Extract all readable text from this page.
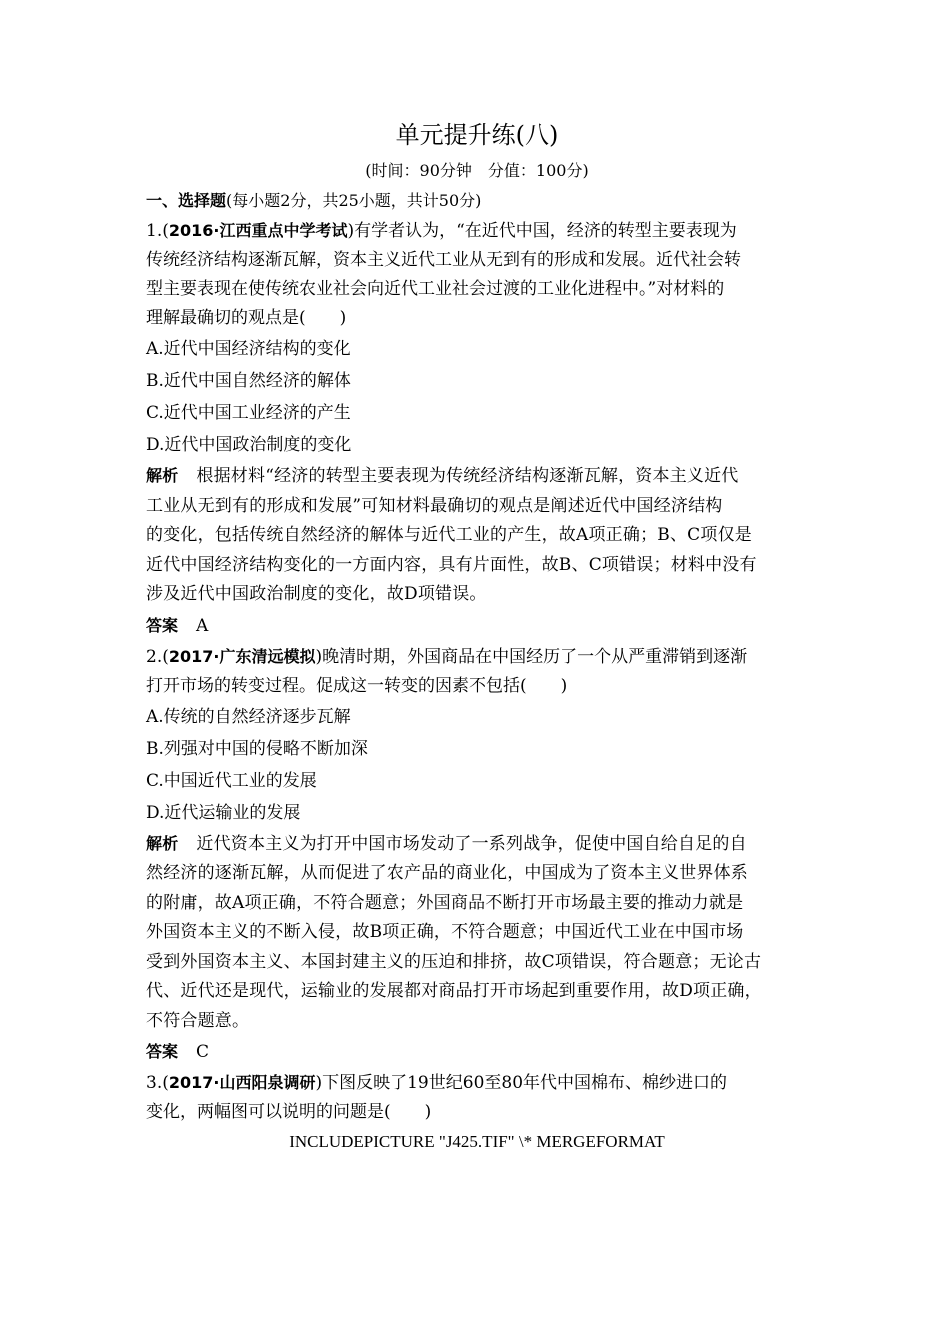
单元提升练(八)

(时间：90分钟　分值：100分)

一、选择题(每小题2分，共25小题，共计50分)

1.(2016·江西重点中学考试)有学者认为，“在近代中国，经济的转型主要表现为

传统经济结构逐渐瓦解，资本主义近代工业从无到有的形成和发展。近代社会转

型主要表现在使传统农业社会向近代工业社会过渡的工业化进程中。”对材料的

理解最确切的观点是(　　)

A.近代中国经济结构的变化

B.近代中国自然经济的解体

C.近代中国工业经济的产生

D.近代中国政治制度的变化

解析 根据材料“经济的转型主要表现为传统经济结构逐渐瓦解，资本主义近代

工业从无到有的形成和发展”可知材料最确切的观点是阐述近代中国经济结构

的变化，包括传统自然经济的解体与近代工业的产生，故A项正确；B、C项仅是

近代中国经济结构变化的一方面内容，具有片面性，故B、C项错误；材料中没有

涉及近代中国政治制度的变化，故D项错误。

答案 A

2.(2017·广东清远模拟)晚清时期，外国商品在中国经历了一个从严重滞销到逐渐

打开市场的转变过程。促成这一转变的因素不包括(　　)

A.传统的自然经济逐步瓦解

B.列强对中国的侵略不断加深

C.中国近代工业的发展

D.近代运输业的发展

解析 近代资本主义为打开中国市场发动了一系列战争，促使中国自给自足的自

然经济的逐渐瓦解，从而促进了农产品的商业化，中国成为了资本主义世界体系

的附庸，故A项正确，不符合题意；外国商品不断打开市场最主要的推动力就是

外国资本主义的不断入侵，故B项正确，不符合题意；中国近代工业在中国市场

受到外国资本主义、本国封建主义的压迫和排挤，故C项错误，符合题意；无论古

代、近代还是现代，运输业的发展都对商品打开市场起到重要作用，故D项正确，

不符合题意。

答案 C

3.(2017·山西阳泉调研)下图反映了19世纪60至80年代中国棉布、棉纱进口的

变化，两幅图可以说明的问题是(　　)

INCLUDEPICTURE "J425.TIF" \* MERGEFORMAT
